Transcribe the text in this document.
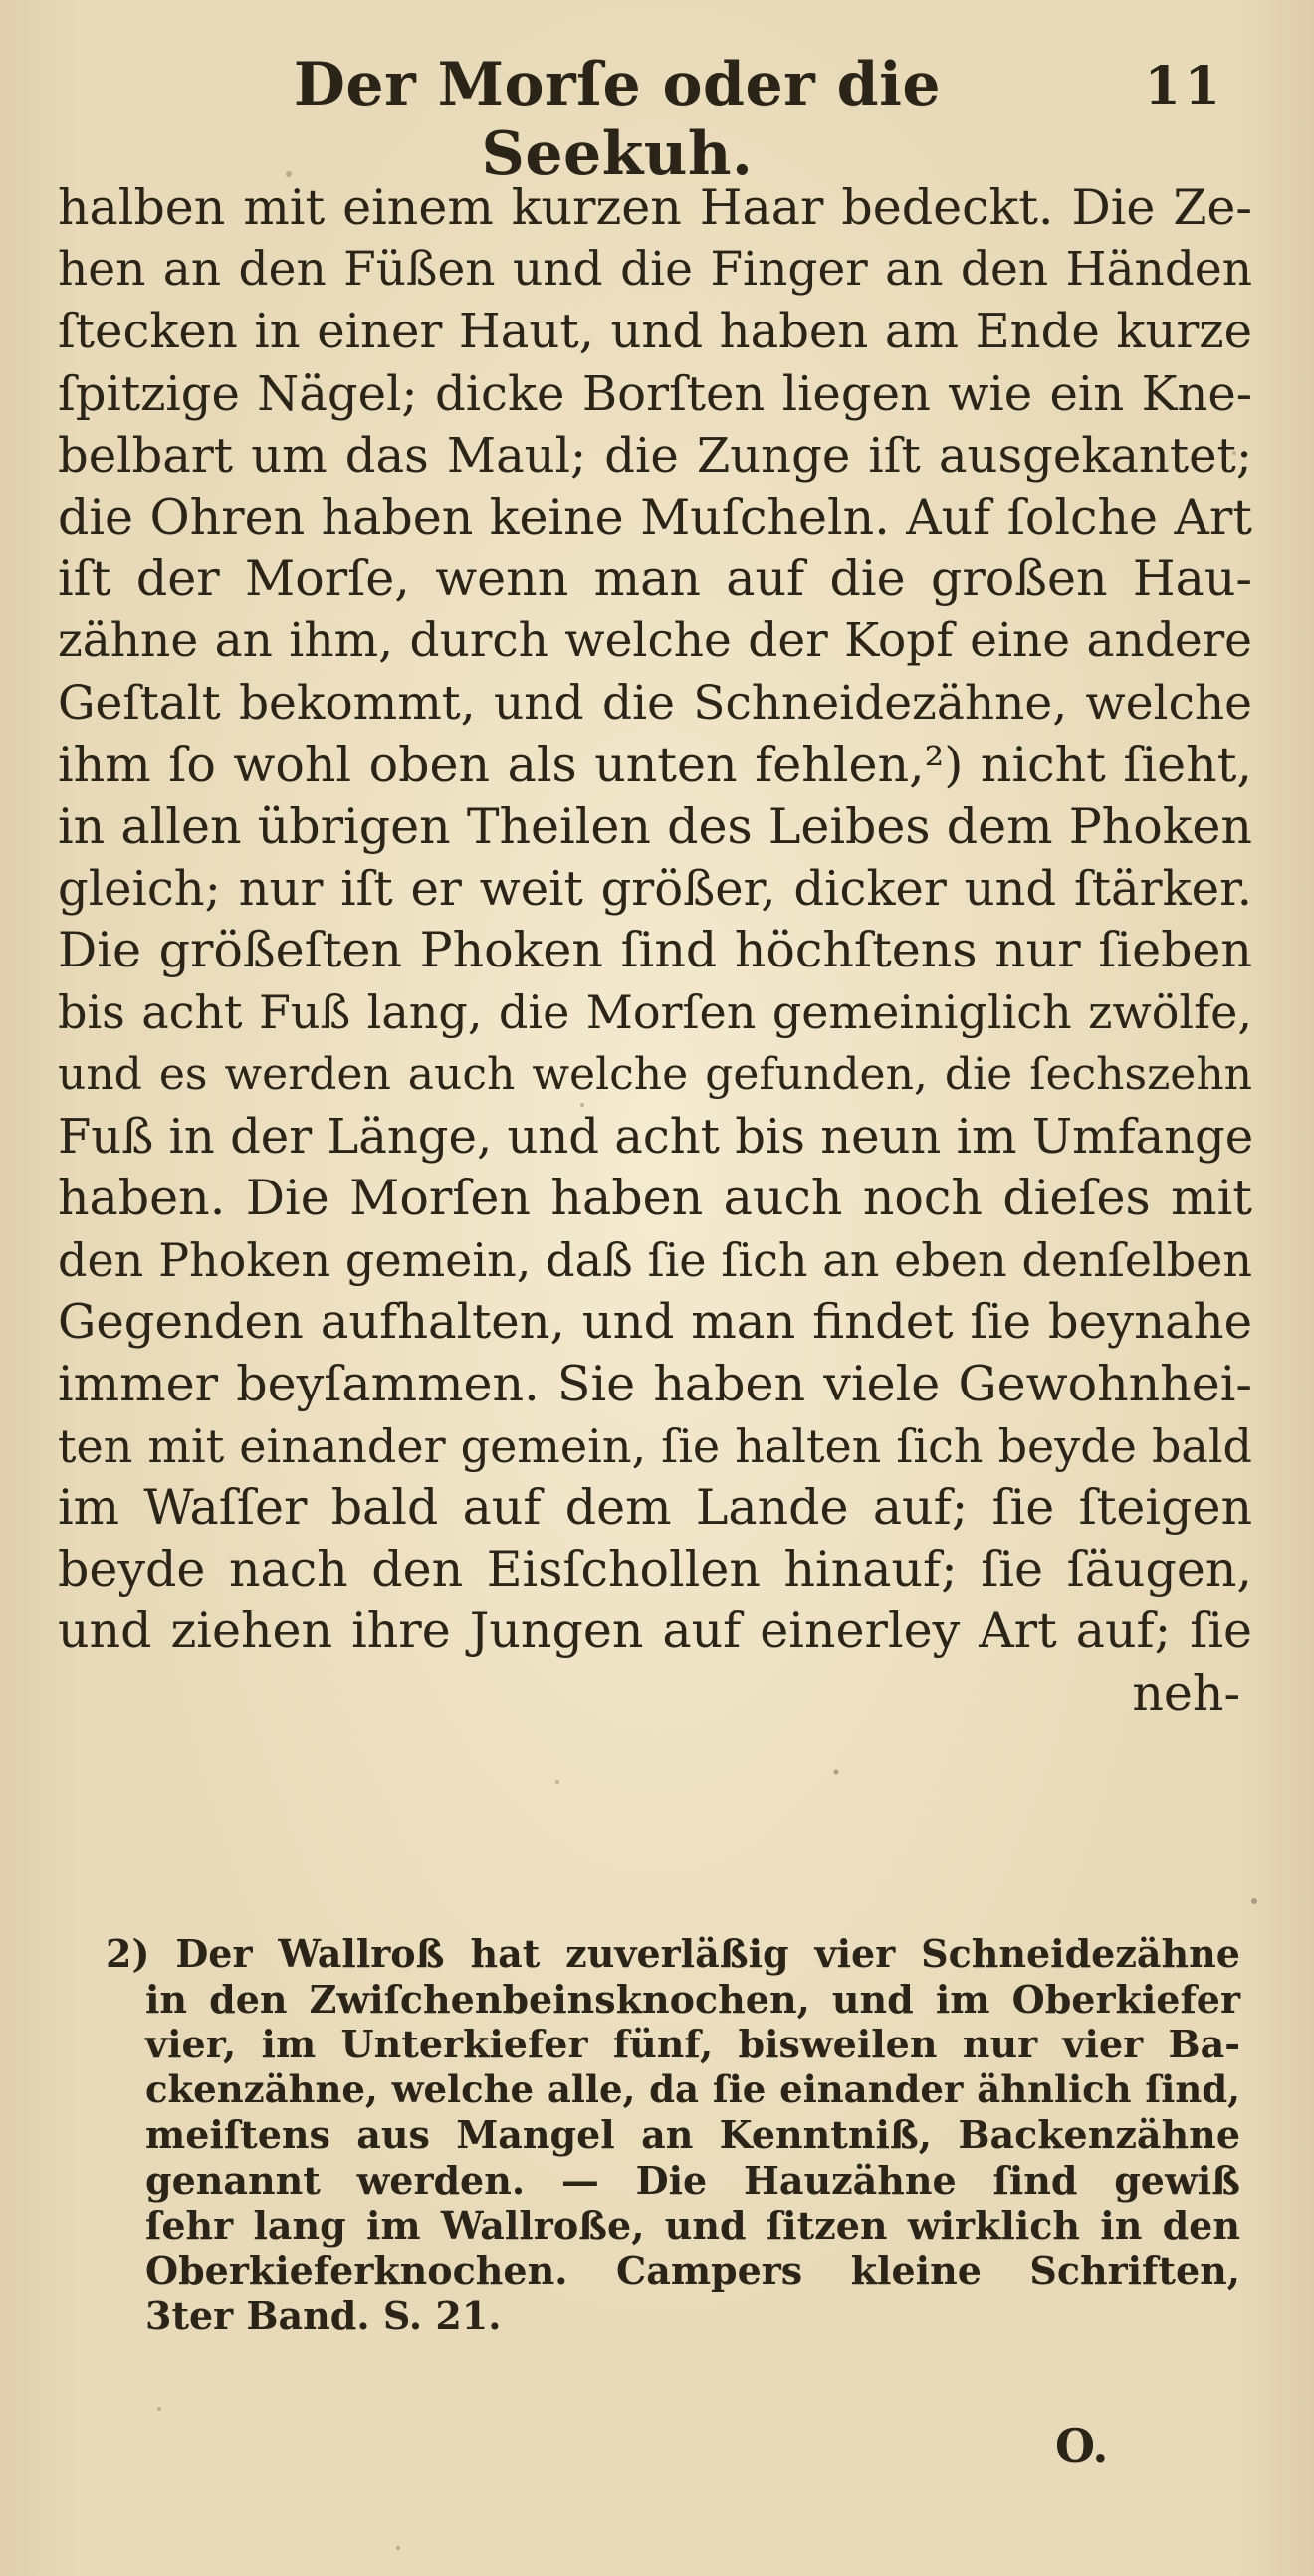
Der Morſe oder die Seekuh.
11
halben mit einem kurzen Haar bedeckt. Die Ze-
hen an den Füßen und die Finger an den Händen
ſtecken in einer Haut, und haben am Ende kurze
ſpitzige Nägel; dicke Borſten liegen wie ein Kne-
belbart um das Maul; die Zunge iſt ausgekantet;
die Ohren haben keine Muſcheln. Auf ſolche Art
iſt der Morſe, wenn man auf die großen Hau-
zähne an ihm, durch welche der Kopf eine andere
Geſtalt bekommt, und die Schneidezähne, welche
ihm ſo wohl oben als unten fehlen,²) nicht ſieht,
in allen übrigen Theilen des Leibes dem Phoken
gleich; nur iſt er weit größer, dicker und ſtärker.
Die größeſten Phoken ſind höchſtens nur ſieben
bis acht Fuß lang, die Morſen gemeiniglich zwölfe,
und es werden auch welche gefunden, die ſechszehn
Fuß in der Länge, und acht bis neun im Umfange
haben. Die Morſen haben auch noch dieſes mit
den Phoken gemein, daß ſie ſich an eben denſelben
Gegenden aufhalten, und man findet ſie beynahe
immer beyſammen. Sie haben viele Gewohnhei-
ten mit einander gemein, ſie halten ſich beyde bald
im Waſſer bald auf dem Lande auf; ſie ſteigen
beyde nach den Eisſchollen hinauf; ſie ſäugen,
und ziehen ihre Jungen auf einerley Art auf; ſie
neh-
2) Der Wallroß hat zuverläßig vier Schneidezähne
in den Zwiſchenbeinsknochen, und im Oberkiefer
vier, im Unterkiefer fünf, bisweilen nur vier Ba-
ckenzähne, welche alle, da ſie einander ähnlich ſind,
meiſtens aus Mangel an Kenntniß, Backenzähne
genannt werden. — Die Hauzähne ſind gewiß
ſehr lang im Wallroße, und ſitzen wirklich in den
Oberkieferknochen. Campers kleine Schriften,
3ter Band. S. 21.
O.
